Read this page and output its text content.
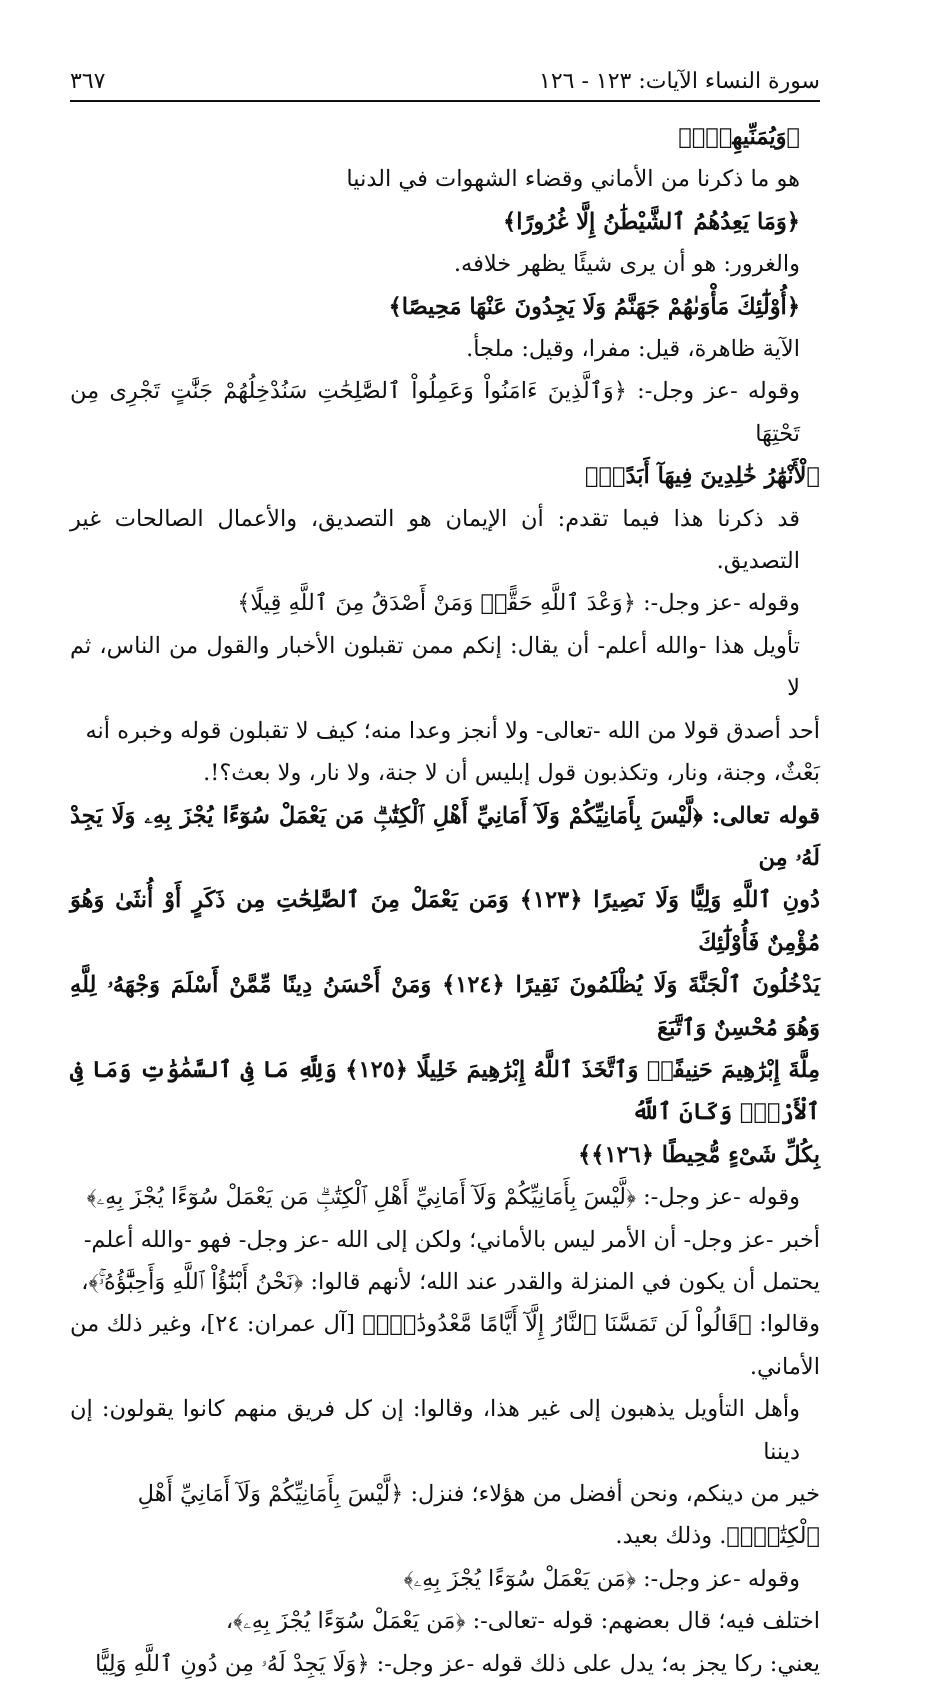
سورة النساء الآيات: ١٢٣ - ١٢٦
٣٦٧

﴿وَيُمَنِّيهِمْۖ﴾

هو ما ذكرنا من الأماني وقضاء الشهوات في الدنيا

﴿وَمَا يَعِدُهُمُ ٱلشَّيْطَٰنُ إِلَّا غُرُورًا﴾

والغرور: هو أن يرى شيئًا يظهر خلافه.

﴿أُوْلَٰٓئِكَ مَأْوَىٰهُمْ جَهَنَّمُ وَلَا يَجِدُونَ عَنْهَا مَحِيصًا﴾

الآية ظاهرة، قيل: مفرا، وقيل: ملجأ.

وقوله -عز وجل-: ﴿وَٱلَّذِينَ ءَامَنُواْ وَعَمِلُواْ ٱلصَّٰلِحَٰتِ سَنُدْخِلُهُمْ جَنَّٰتٍ تَجْرِى مِن تَحْتِهَا

ٱلْأَنْهَٰرُ خَٰلِدِينَ فِيهَآ أَبَدًاۖ﴾

قد ذكرنا هذا فيما تقدم: أن الإيمان هو التصديق، والأعمال الصالحات غير التصديق.

وقوله -عز وجل-: ﴿وَعْدَ ٱللَّهِ حَقًّاۚ وَمَنْ أَصْدَقُ مِنَ ٱللَّهِ قِيلًا﴾

تأويل هذا -والله أعلم- أن يقال: إنكم ممن تقبلون الأخبار والقول من الناس، ثم لا

أحد أصدق قولا من الله -تعالى- ولا أنجز وعدا منه؛ كيف لا تقبلون قوله وخبره أنه

بَعْثٌ، وجنة، ونار، وتكذبون قول إبليس أن لا جنة، ولا نار، ولا بعث؟!.

قوله تعالى: ﴿لَّيْسَ بِأَمَانِيِّكُمْ وَلَآ أَمَانِيِّ أَهْلِ ٱلْكِتَٰبِۗ مَن يَعْمَلْ سُوٓءًا يُجْزَ بِهِۦ وَلَا يَجِدْ لَهُۥ مِن

دُونِ ٱللَّهِ وَلِيًّا وَلَا نَصِيرًا ﴿١٢٣﴾ وَمَن يَعْمَلْ مِنَ ٱلصَّٰلِحَٰتِ مِن ذَكَرٍ أَوْ أُنثَىٰ وَهُوَ مُؤْمِنٌ فَأُوْلَٰٓئِكَ

يَدْخُلُونَ ٱلْجَنَّةَ وَلَا يُظْلَمُونَ نَقِيرًا ﴿١٢٤﴾ وَمَنْ أَحْسَنُ دِينًا مِّمَّنْ أَسْلَمَ وَجْهَهُۥ لِلَّهِ وَهُوَ مُحْسِنٌ وَٱتَّبَعَ

مِلَّةَ إِبْرَٰهِيمَ حَنِيفًاۗ وَٱتَّخَذَ ٱللَّهُ إِبْرَٰهِيمَ خَلِيلًا ﴿١٢٥﴾ وَلِلَّهِ مَا فِى ٱلسَّمَٰوَٰتِ وَمَا فِى ٱلْأَرْضِۚ وَكَانَ ٱللَّهُ

بِكُلِّ شَىْءٍ مُّحِيطًا ﴿١٢٦﴾﴾

وقوله -عز وجل-: ﴿لَّيْسَ بِأَمَانِيِّكُمْ وَلَآ أَمَانِيِّ أَهْلِ ٱلْكِتَٰبِۗ مَن يَعْمَلْ سُوٓءًا يُجْزَ بِهِۦ﴾

أخبر -عز وجل- أن الأمر ليس بالأماني؛ ولكن إلى الله -عز وجل- فهو -والله أعلم-

يحتمل أن يكون في المنزلة والقدر عند الله؛ لأنهم قالوا: ﴿نَحْنُ أَبْنَٰٓؤُاْ ٱللَّهِ وَأَحِبَّٰٓؤُهُۥۚ﴾،

وقالوا: ﴿قَالُواْ لَن تَمَسَّنَا ٱلنَّارُ إِلَّآ أَيَّامًا مَّعْدُودَٰتٍۖ﴾ [آل عمران: ٢٤]، وغير ذلك من الأماني.

وأهل التأويل يذهبون إلى غير هذا، وقالوا: إن كل فريق منهم كانوا يقولون: إن ديننا

خير من دينكم، ونحن أفضل من هؤلاء؛ فنزل: ﴿لَّيْسَ بِأَمَانِيِّكُمْ وَلَآ أَمَانِيِّ أَهْلِ

ٱلْكِتَٰبِۗ﴾. وذلك بعيد.

وقوله -عز وجل-: ﴿مَن يَعْمَلْ سُوٓءًا يُجْزَ بِهِۦ﴾

اختلف فيه؛ قال بعضهم: قوله -تعالى-: ﴿مَن يَعْمَلْ سُوٓءًا يُجْزَ بِهِۦ﴾،

يعني: ركا يجز به؛ يدل على ذلك قوله -عز وجل-: ﴿وَلَا يَجِدْ لَهُۥ مِن دُونِ ٱللَّهِ وَلِيًّا
